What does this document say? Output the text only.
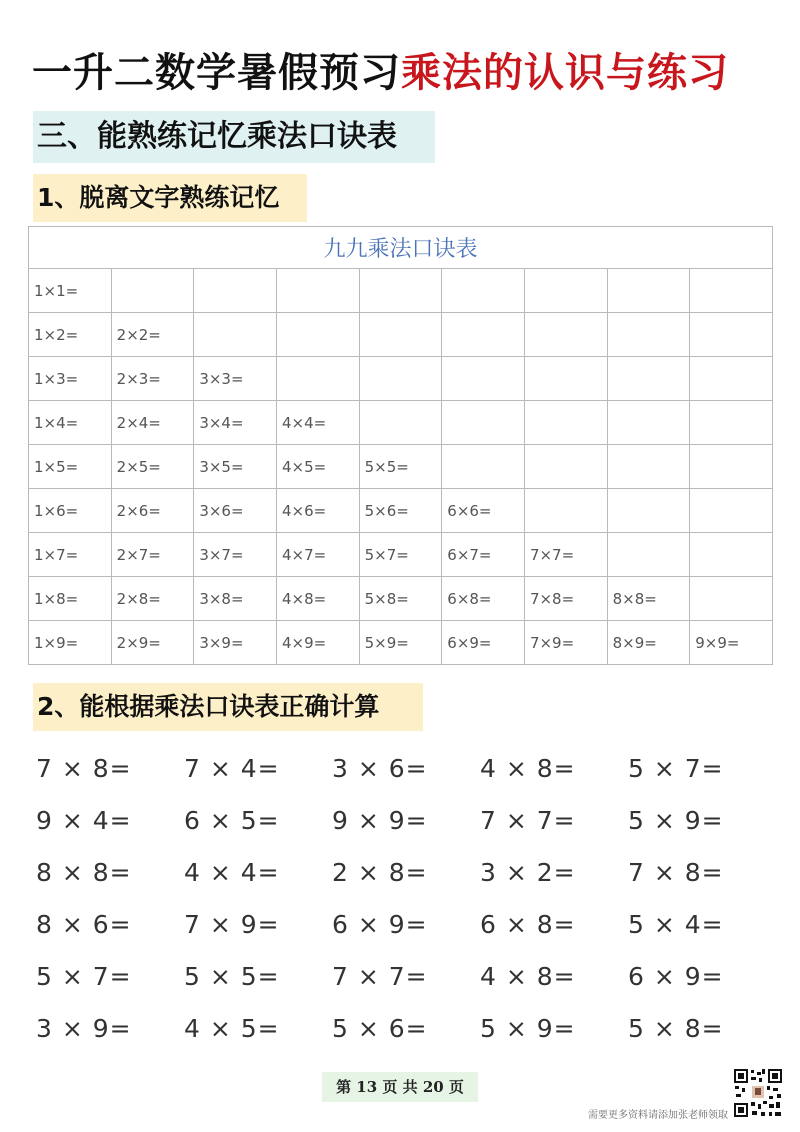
一升二数学暑假预习乘法的认识与练习
三、能熟练记忆乘法口诀表
1、脱离文字熟练记忆
九九乘法口诀表								
1×1=								
1×2=	2×2=							
1×3=	2×3=	3×3=						
1×4=	2×4=	3×4=	4×4=					
1×5=	2×5=	3×5=	4×5=	5×5=				
1×6=	2×6=	3×6=	4×6=	5×6=	6×6=			
1×7=	2×7=	3×7=	4×7=	5×7=	6×7=	7×7=		
1×8=	2×8=	3×8=	4×8=	5×8=	6×8=	7×8=	8×8=	
1×9=	2×9=	3×9=	4×9=	5×9=	6×9=	7×9=	8×9=	9×9=
2、能根据乘法口诀表正确计算
7 × 8=	7 × 4=	3 × 6=	4 × 8=	5 × 7=
9 × 4=	6 × 5=	9 × 9=	7 × 7=	5 × 9=
8 × 8=	4 × 4=	2 × 8=	3 × 2=	7 × 8=
8 × 6=	7 × 9=	6 × 9=	6 × 8=	5 × 4=
5 × 7=	5 × 5=	7 × 7=	4 × 8=	6 × 9=
3 × 9=	4 × 5=	5 × 6=	5 × 9=	5 × 8=
第 13 页 共 20 页
需要更多资料请添加张老师领取
